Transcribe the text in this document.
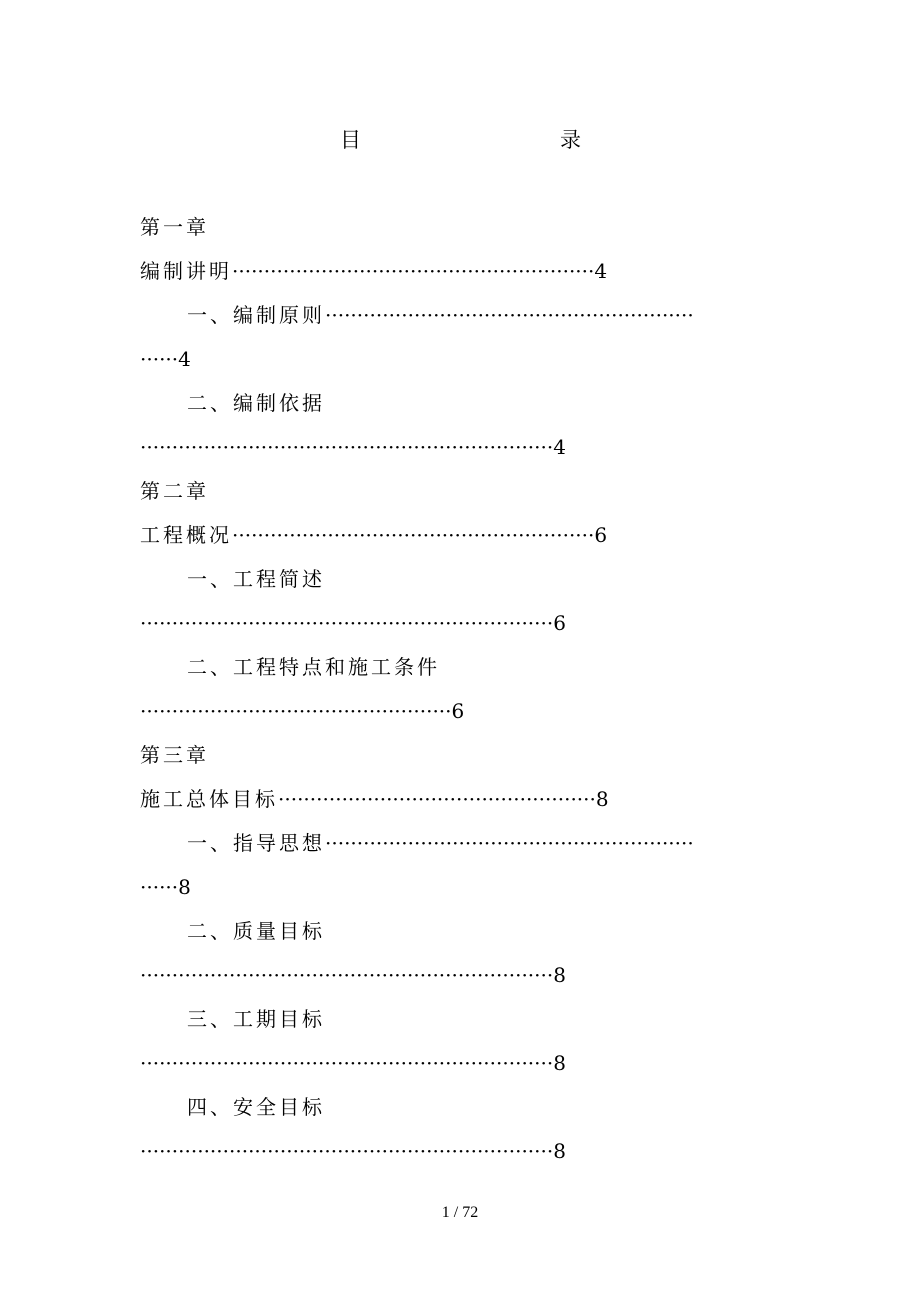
目	录
第一章
编制讲明·························································4
一、编制原则··························································
······4
二、编制依据
·································································4
第二章
工程概况·························································6
一、工程简述
·································································6
二、工程特点和施工条件
·················································6
第三章
施工总体目标··················································8
一、指导思想··························································
······8
二、质量目标
·································································8
三、工期目标
·································································8
四、安全目标
·································································8
1 / 72
